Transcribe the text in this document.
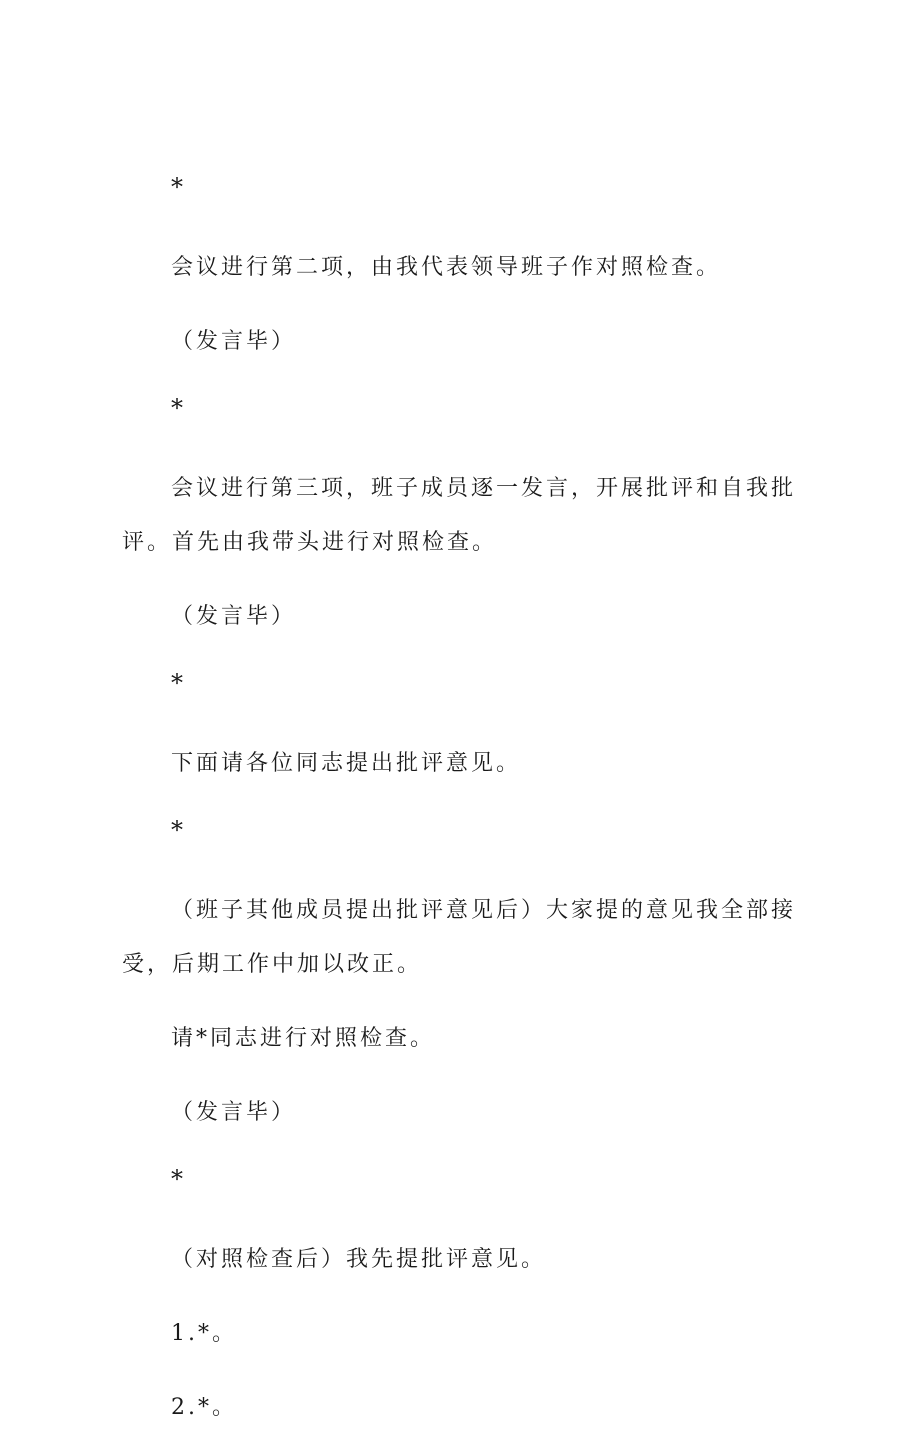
*

会议进行第二项，由我代表领导班子作对照检查。

（发言毕）

*

会议进行第三项，班子成员逐一发言，开展批评和自我批评。首先由我带头进行对照检查。

（发言毕）

*

下面请各位同志提出批评意见。

*

（班子其他成员提出批评意见后）大家提的意见我全部接受，后期工作中加以改正。

请*同志进行对照检查。

（发言毕）

*

（对照检查后）我先提批评意见。

1.*。

2.*。
